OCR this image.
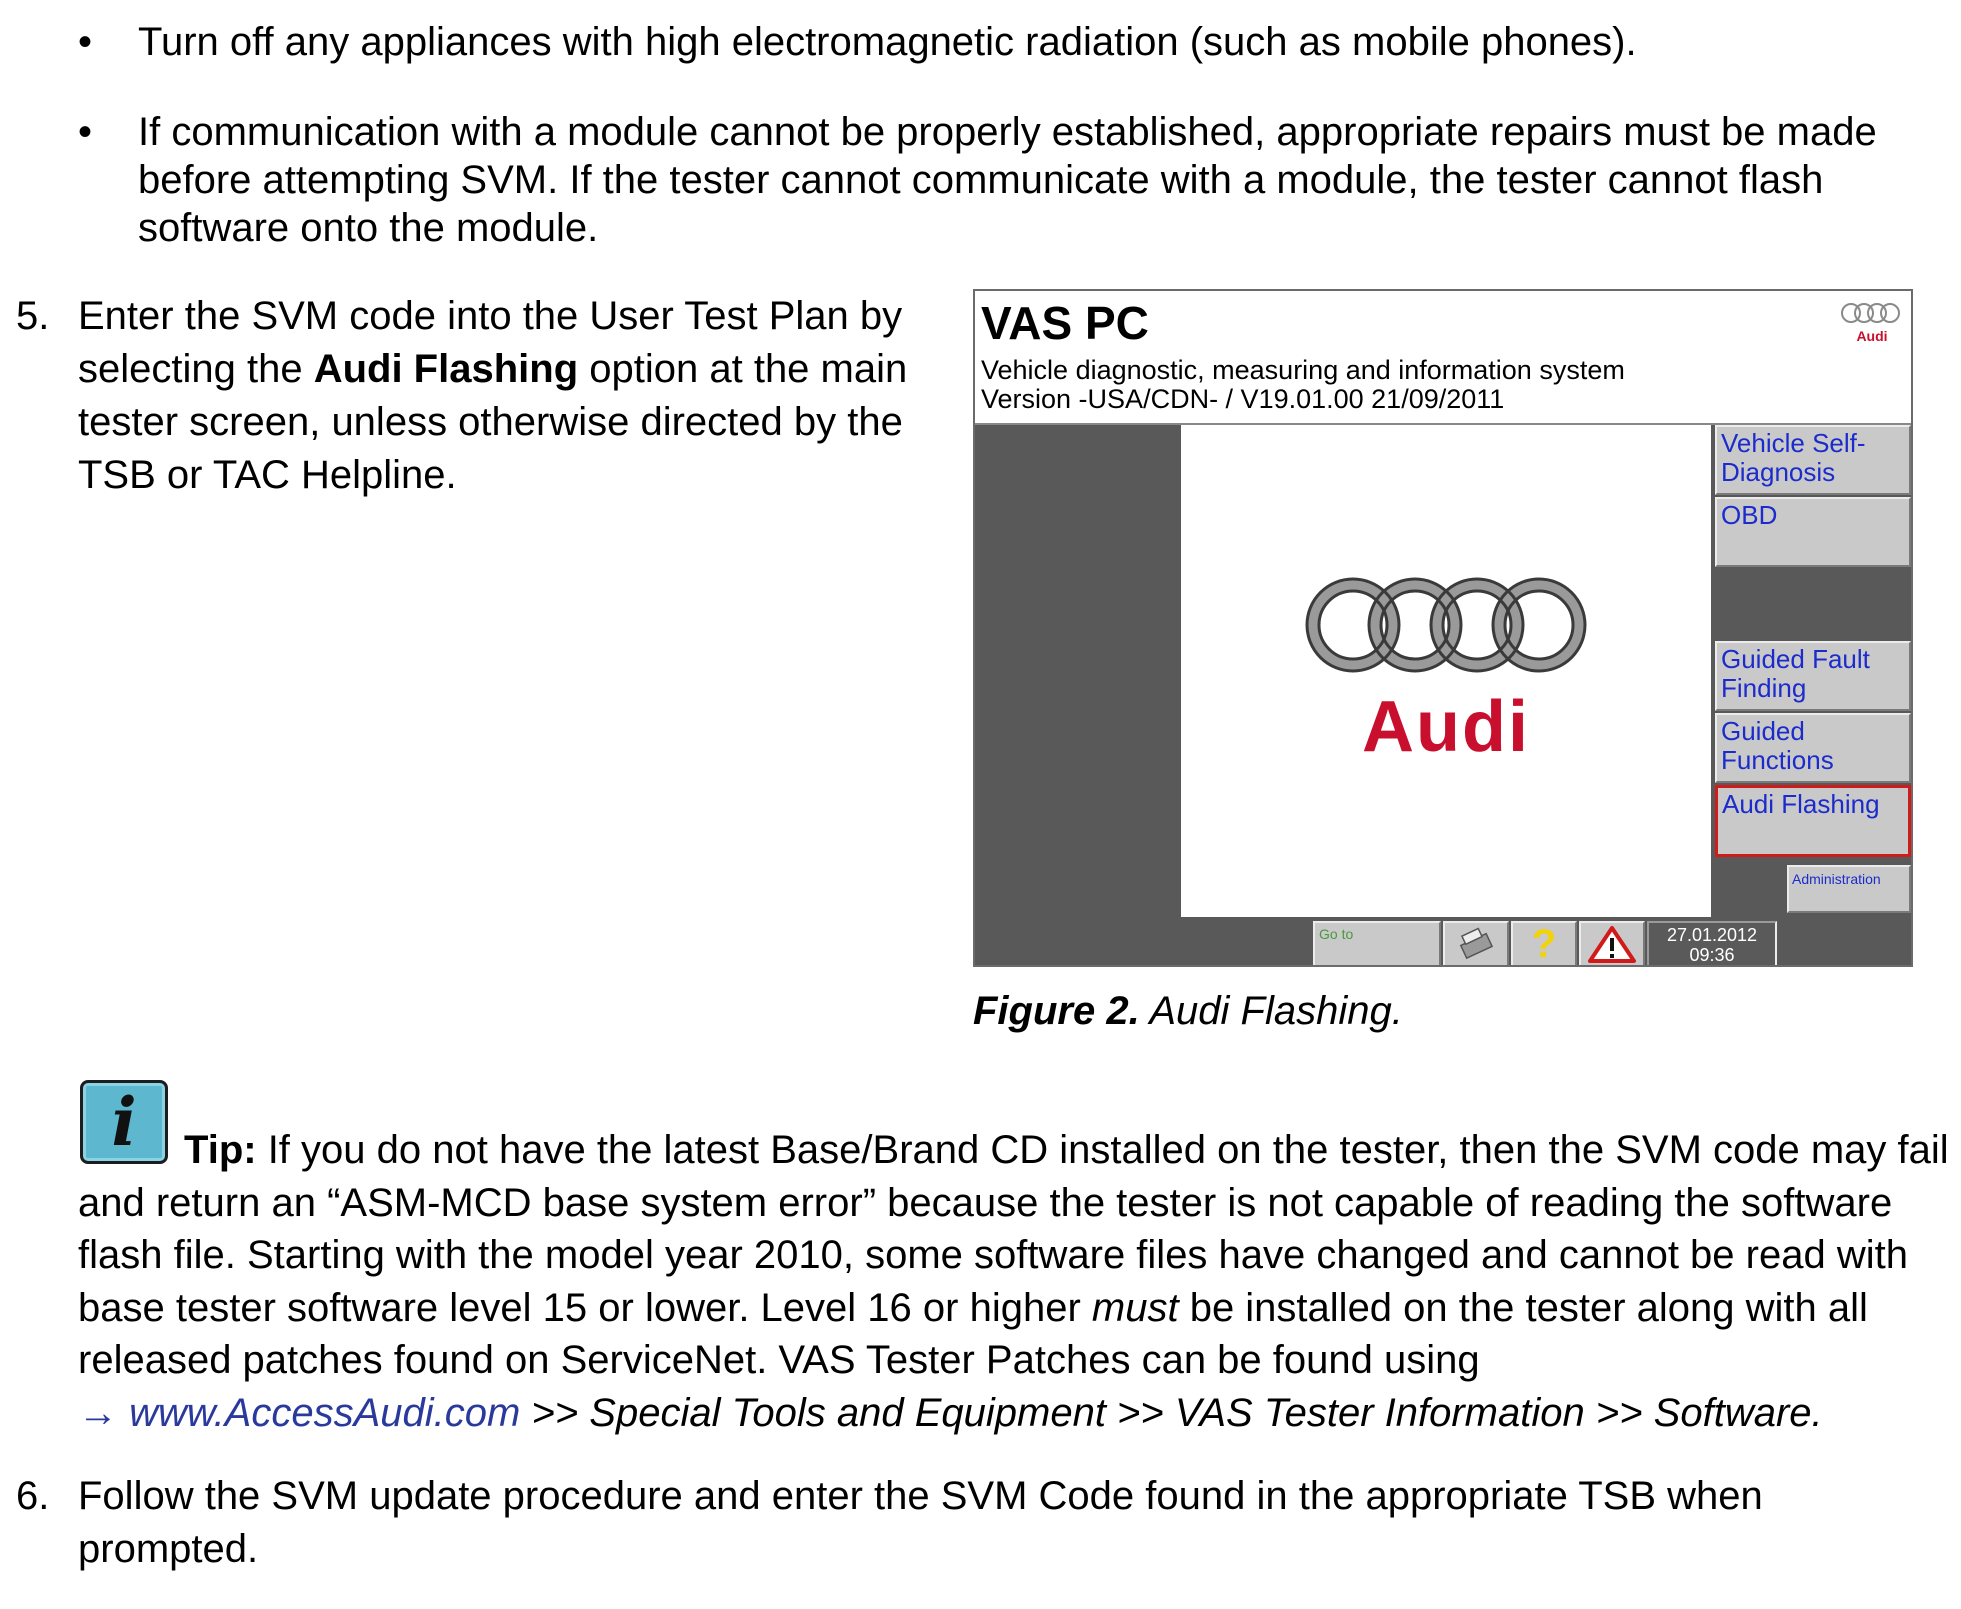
• Turn off any appliances with high electromagnetic radiation (such as mobile phones).

• If communication with a module cannot be properly established, appropriate repairs must be made before attempting SVM. If the tester cannot communicate with a module, the tester cannot flash software onto the module.

5. Enter the SVM code into the User Test Plan by selecting the Audi Flashing option at the main tester screen, unless otherwise directed by the TSB or TAC Helpline.

VAS PC
Vehicle diagnostic, measuring and information system
Version -USA/CDN- / V19.01.00 21/09/2011
Audi
Audi
Vehicle Self-Diagnosis
OBD
Guided Fault Finding
Guided Functions
Audi Flashing
Administration
Go to	?	27.01.2012
09:36

Figure 2. Audi Flashing.

i	Tip: If you do not have the latest Base/Brand CD installed on the tester, then the SVM code may fail and return an “ASM-MCD base system error” because the tester is not capable of reading the software flash file. Starting with the model year 2010, some software files have changed and cannot be read with base tester software level 15 or lower. Level 16 or higher must be installed on the tester along with all released patches found on ServiceNet. VAS Tester Patches can be found using
→ www.AccessAudi.com >> Special Tools and Equipment >> VAS Tester Information >> Software.

6. Follow the SVM update procedure and enter the SVM Code found in the appropriate TSB when prompted.
